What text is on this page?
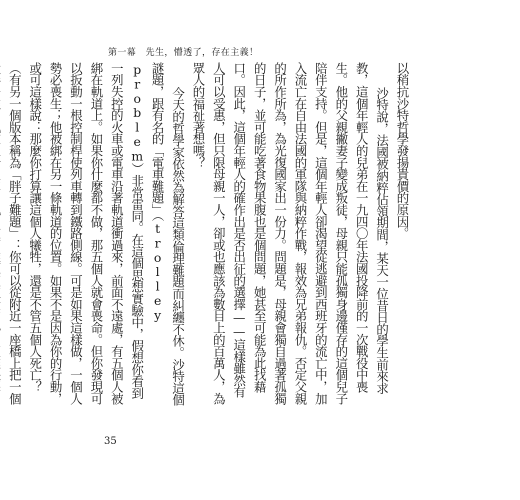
第一幕　先生，懵透了，存在主義！

以稍抗沙特哲學發揚貴價的原因。

沙特說，法國被納粹佔領期間，某天一位昔日的學生前來求教，這個年輕人的兒弟在一九四〇年法國投降前的一次戰役中喪生。他的父親撇妻子變成叛徒，母親只能孤獨身邊僅存的這個兒子陪伴支持。但是，這個年輕人卻渴望從逃避到西班牙的流亡中，加入流亡在自由法國的軍隊與納粹作戰，報效為兄弟報仇。否定父親的所作所為，為光復國家出一份力。問題是，母親會獨自過著孤獨的日子，並可能吃著食物果腹也是個問題，她甚至可能為此找藉口。因此，這個年輕人的確作出是否出征的選擇——這樣雖然有人可以受惠，但只限母親一人，卻或也應該為數目上的百萬人，為眾人的福祉著想嗎？

今天的哲學家依然為解答這類倫理難題而糾纏不休。沙特這個謎題，跟有名的「電車難題」（trolley problem）非常雷同。在這個思想實驗中，假想你看到一列失控的火車或電車沿著軌道衝過來，前面不遠處，有五個人被綁在軌道上。如果你什麼都不做，那五個人就會喪命。但你發現可以扳動一根控制桿使列車轉到鐵路側線。可是如果這樣做，一個人勢必喪生；他被綁在另一條軌道的位置。如果不是因為你的行動，或可這樣說：那麼你打算讓這個人犧牲，還是不管五個人死亡？（有另一個版本稱為「胖子難題」：你可以從附近一座橋上把一個

35
